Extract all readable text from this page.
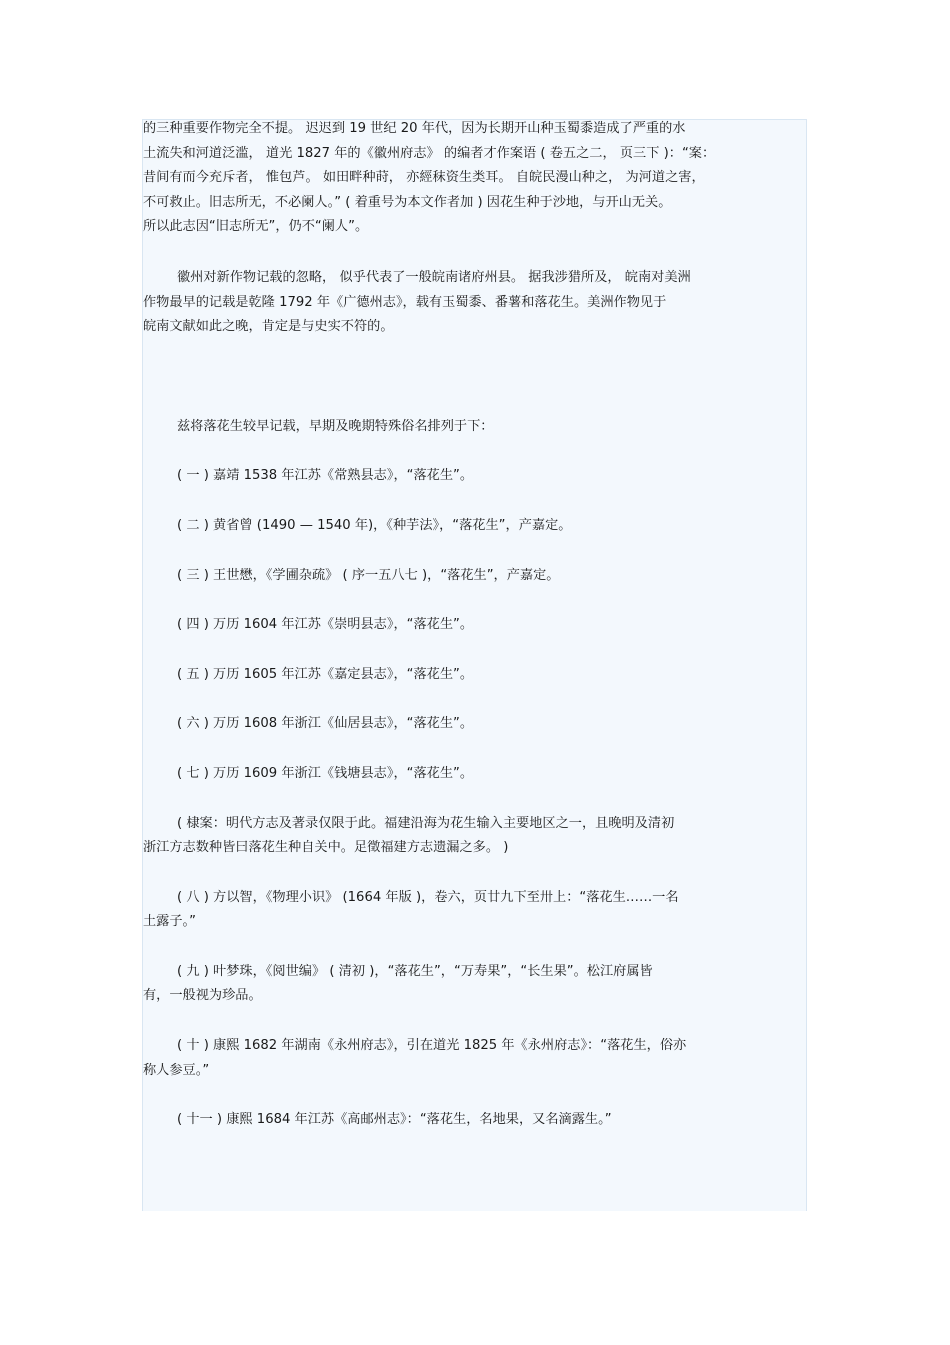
的三种重要作物完全不提。 迟迟到 19 世纪 20 年代，因为长期开山种玉蜀黍造成了严重的水
土流失和河道泛滥， 道光 1827 年的《徽州府志》 的编者才作案语 ( 卷五之二， 页三下 )：“案：
昔间有而今充斥者， 惟包芦。 如田畔种莳， 亦經秣资生类耳。 自皖民漫山种之， 为河道之害，
不可救止。旧志所无，不必阑人。” ( 着重号为本文作者加 ) 因花生种于沙地，与开山无关。
所以此志因“旧志所无”，仍不“阑人”。

徽州对新作物记载的忽略， 似乎代表了一般皖南诸府州县。 据我涉猎所及， 皖南对美洲
作物最早的记载是乾隆 1792 年《广德州志》，载有玉蜀黍、番薯和落花生。美洲作物见于
皖南文献如此之晚，肯定是与史实不符的。

兹将落花生较早记载，早期及晚期特殊俗名排列于下：

( 一 ) 嘉靖 1538 年江苏《常熟县志》，“落花生”。

( 二 ) 黄省曾 (1490 — 1540 年)，《种芋法》，“落花生”，产嘉定。

( 三 ) 王世懋，《学圃杂疏》 ( 序一五八七 )，“落花生”，产嘉定。

( 四 ) 万历 1604 年江苏《崇明县志》，“落花生”。

( 五 ) 万历 1605 年江苏《嘉定县志》，“落花生”。

( 六 ) 万历 1608 年浙江《仙居县志》，“落花生”。

( 七 ) 万历 1609 年浙江《钱塘县志》，“落花生”。

( 棣案：明代方志及著录仅限于此。福建沿海为花生输入主要地区之一，且晚明及清初
浙江方志数种皆曰落花生种自关中。足徵福建方志遗漏之多。 )

( 八 ) 方以智，《物理小识》 (1664 年版 )，卷六，页廿九下至卅上：“落花生……一名
土露子。”

( 九 ) 叶梦珠，《阅世编》 ( 清初 )，“落花生”，“万寿果”，“长生果”。松江府属皆
有，一般视为珍品。

( 十 ) 康熙 1682 年湖南《永州府志》，引在道光 1825 年《永州府志》：“落花生，俗亦
称人参豆。”

( 十一 ) 康熙 1684 年江苏《高邮州志》：“落花生，名地果，又名滴露生。”
